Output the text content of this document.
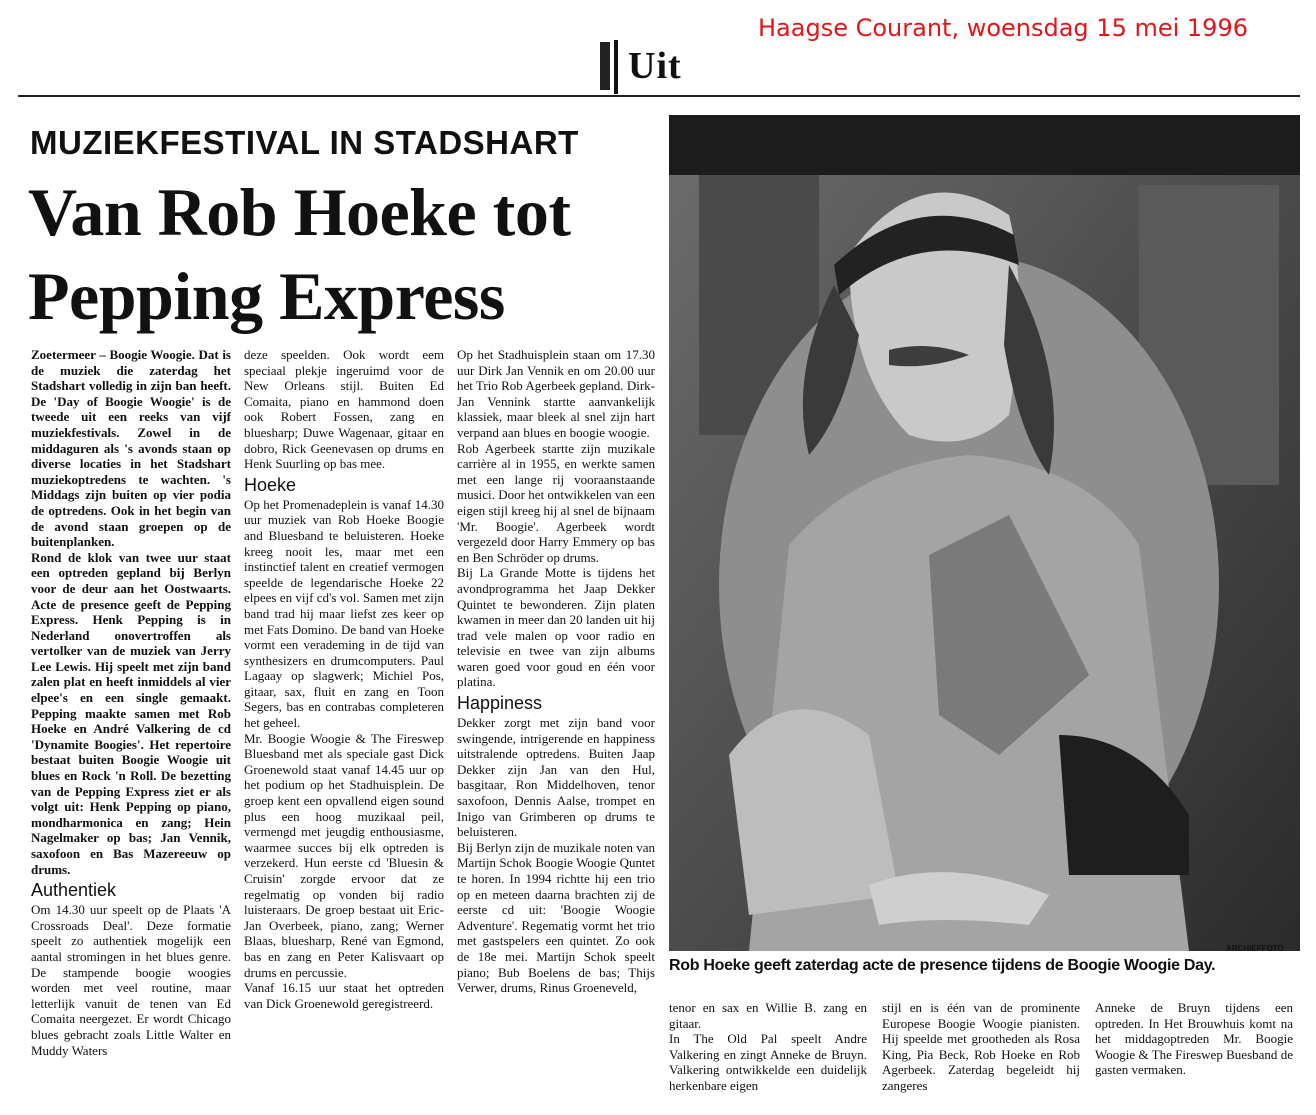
Haagse Courant, woensdag 15 mei 1996
Uit
MUZIEKFESTIVAL IN STADSHART
Van Rob Hoeke tot Pepping Express

Zoetermeer – Boogie Woogie. Dat is de muziek die zaterdag het Stadshart volledig in zijn ban heeft. De 'Day of Boogie Woogie' is de tweede uit een reeks van vijf muziekfestivals. Zowel in de middaguren als 's avonds staan op diverse locaties in het Stadshart muziekoptredens te wachten. 's Middags zijn buiten op vier podia de optredens. Ook in het begin van de avond staan groepen op de buitenplanken.

Rond de klok van twee uur staat een optreden gepland bij Berlyn voor de deur aan het Oostwaarts. Acte de presence geeft de Pepping Express. Henk Pepping is in Nederland onovertroffen als vertolker van de muziek van Jerry Lee Lewis. Hij speelt met zijn band zalen plat en heeft inmiddels al vier elpee's en een single gemaakt. Pepping maakte samen met Rob Hoeke en André Valkering de cd 'Dynamite Boogies'. Het repertoire bestaat buiten Boogie Woogie uit blues en Rock 'n Roll. De bezetting van de Pepping Express ziet er als volgt uit: Henk Pepping op piano, mondharmonica en zang; Hein Nagelmaker op bas; Jan Vennik, saxofoon en Bas Mazereeuw op drums.

Authentiek

Om 14.30 uur speelt op de Plaats 'A Crossroads Deal'. Deze formatie speelt zo authentiek mogelijk een aantal stromingen in het blues genre. De stampende boogie woogies worden met veel routine, maar letterlijk vanuit de tenen van Ed Comaita neergezet. Er wordt Chicago blues gebracht zoals Little Walter en Muddy Waters

deze speelden. Ook wordt eem speciaal plekje ingeruimd voor de New Orleans stijl. Buiten Ed Comaita, piano en hammond doen ook Robert Fossen, zang en bluesharp; Duwe Wagenaar, gitaar en dobro, Rick Geenevasen op drums en Henk Suurling op bas mee.

Hoeke

Op het Promenadeplein is vanaf 14.30 uur muziek van Rob Hoeke Boogie and Bluesband te beluisteren. Hoeke kreeg nooit les, maar met een instinctief talent en creatief vermogen speelde de legendarische Hoeke 22 elpees en vijf cd's vol. Samen met zijn band trad hij maar liefst zes keer op met Fats Domino. De band van Hoeke vormt een verademing in de tijd van synthesizers en drumcomputers. Paul Lagaay op slagwerk; Michiel Pos, gitaar, sax, fluit en zang en Toon Segers, bas en contrabas completeren het geheel.

Mr. Boogie Woogie & The Fireswep Bluesband met als speciale gast Dick Groenewold staat vanaf 14.45 uur op het podium op het Stadhuisplein. De groep kent een opvallend eigen sound plus een hoog muzikaal peil, vermengd met jeugdig enthousiasme, waarmee succes bij elk optreden is verzekerd. Hun eerste cd 'Bluesin & Cruisin' zorgde ervoor dat ze regelmatig op vonden bij radio luisteraars. De groep bestaat uit Eric-Jan Overbeek, piano, zang; Werner Blaas, bluesharp, René van Egmond, bas en zang en Peter Kalisvaart op drums en percussie.

Vanaf 16.15 uur staat het optreden van Dick Groenewold geregistreerd.

Op het Stadhuisplein staan om 17.30 uur Dirk Jan Vennik en om 20.00 uur het Trio Rob Agerbeek gepland. Dirk-Jan Vennink startte aanvankelijk klassiek, maar bleek al snel zijn hart verpand aan blues en boogie woogie.

Rob Agerbeek startte zijn muzikale carrière al in 1955, en werkte samen met een lange rij vooraanstaande musici. Door het ontwikkelen van een eigen stijl kreeg hij al snel de bijnaam 'Mr. Boogie'. Agerbeek wordt vergezeld door Harry Emmery op bas en Ben Schröder op drums.

Bij La Grande Motte is tijdens het avondprogramma het Jaap Dekker Quintet te bewonderen. Zijn platen kwamen in meer dan 20 landen uit hij trad vele malen op voor radio en televisie en twee van zijn albums waren goed voor goud en één voor platina.

Happiness

Dekker zorgt met zijn band voor swingende, intrigerende en happiness uitstralende optredens. Buiten Jaap Dekker zijn Jan van den Hul, basgitaar, Ron Middelhoven, tenor saxofoon, Dennis Aalse, trompet en Inigo van Grimberen op drums te beluisteren.

Bij Berlyn zijn de muzikale noten van Martijn Schok Boogie Woogie Quntet te horen. In 1994 richtte hij een trio op en meteen daarna brachten zij de eerste cd uit: 'Boogie Woogie Adventure'. Regematig vormt het trio met gastspelers een quintet. Zo ook de 18e mei. Martijn Schok speelt piano; Bub Boelens de bas; Thijs Verwer, drums, Rinus Groeneveld,

ARCHIEFFOTO
Rob Hoeke geeft zaterdag acte de presence tijdens de Boogie Woogie Day.

tenor en sax en Willie B. zang en gitaar.

In The Old Pal speelt Andre Valkering en zingt Anneke de Bruyn. Valkering ontwikkelde een duidelijk herkenbare eigen

stijl en is één van de prominente Europese Boogie Woogie pianisten. Hij speelde met grootheden als Rosa King, Pia Beck, Rob Hoeke en Rob Agerbeek. Zaterdag begeleidt hij zangeres

Anneke de Bruyn tijdens een optreden. In Het Brouwhuis komt na het middagoptreden Mr. Boogie Woogie & The Fireswep Buesband de gasten vermaken.
